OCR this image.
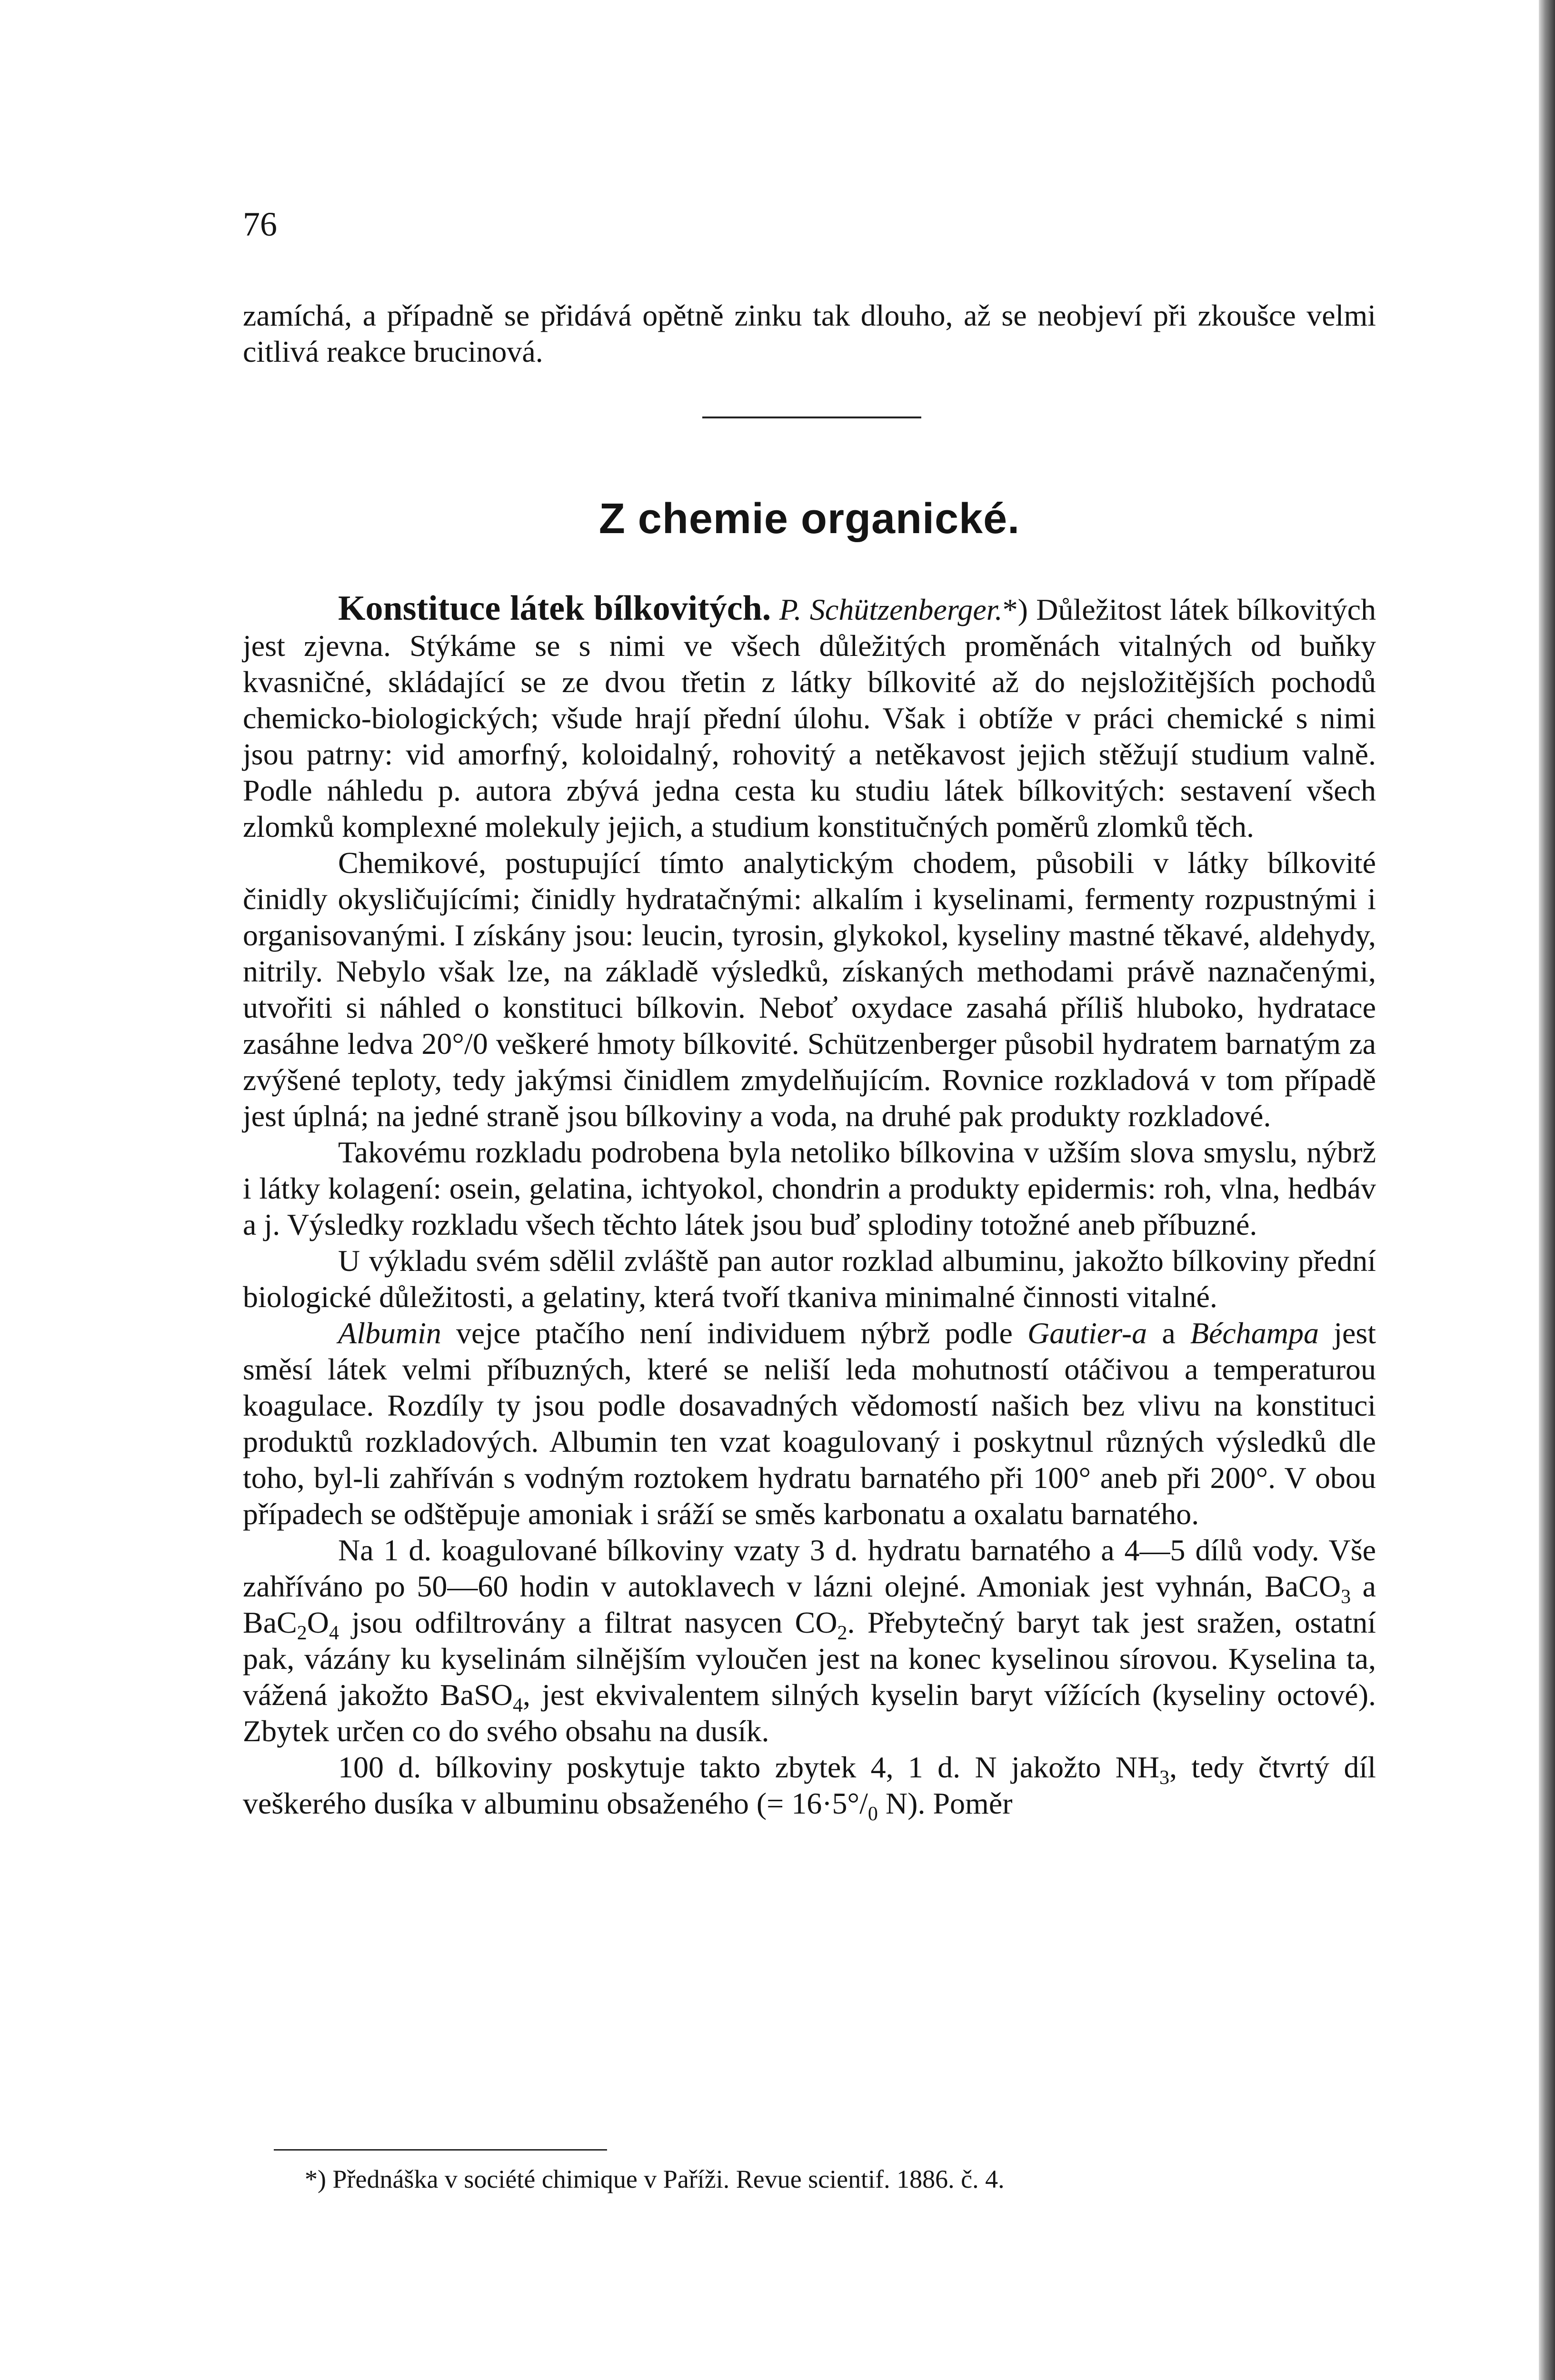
76

zamíchá, a případně se přidává opětně zinku tak dlouho, až se neobjeví při zkoušce velmi citlivá reakce brucinová.

Z chemie organické.

Konstituce látek bílkovitých. P. Schützenberger.*) Důležitost látek bílkovitých jest zjevna. Stýkáme se s nimi ve všech důležitých proměnách vitalných od buňky kvasničné, skládající se ze dvou třetin z látky bílkovité až do nejsložitějších pochodů chemicko-biologických; všude hrají přední úlohu. Však i obtíže v práci chemické s nimi jsou patrny: vid amorfný, koloidalný, rohovitý a netěkavost jejich stěžují studium valně. Podle náhledu p. autora zbývá jedna cesta ku studiu látek bílkovitých: sestavení všech zlomků komplexné molekuly jejich, a studium konstitučných poměrů zlomků těch.

Chemikové, postupující tímto analytickým chodem, působili v látky bílkovité činidly okysličujícími; činidly hydratačnými: alkalím i kyselinami, fermenty rozpustnými i organisovanými. I získány jsou: leucin, tyrosin, glykokol, kyseliny mastné těkavé, aldehydy, nitrily. Nebylo však lze, na základě výsledků, získaných methodami právě naznačenými, utvořiti si náhled o konstituci bílkovin. Neboť oxydace zasahá příliš hluboko, hydratace zasáhne ledva 20°/0 veškeré hmoty bílkovité. Schützenberger působil hydratem barnatým za zvýšené teploty, tedy jakýmsi činidlem zmydelňujícím. Rovnice rozkladová v tom případě jest úplná; na jedné straně jsou bílkoviny a voda, na druhé pak produkty rozkladové.

Takovému rozkladu podrobena byla netoliko bílkovina v užším slova smyslu, nýbrž i látky kolagení: osein, gelatina, ichtyokol, chondrin a produkty epidermis: roh, vlna, hedbáv a j. Výsledky rozkladu všech těchto látek jsou buď splodiny totožné aneb příbuzné.

U výkladu svém sdělil zvláště pan autor rozklad albuminu, jakožto bílkoviny přední biologické důležitosti, a gelatiny, která tvoří tkaniva minimalné činnosti vitalné.

Albumin vejce ptačího není individuem nýbrž podle Gautier-a a Béchampa jest směsí látek velmi příbuzných, které se neliší leda mohutností otáčivou a temperaturou koagulace. Rozdíly ty jsou podle dosavadných vědomostí našich bez vlivu na konstituci produktů rozkladových. Albumin ten vzat koagulovaný i poskytnul různých výsledků dle toho, byl-li zahříván s vodným roztokem hydratu barnatého při 100° aneb při 200°. V obou případech se odštěpuje amoniak i sráží se směs karbonatu a oxalatu barnatého.

Na 1 d. koagulované bílkoviny vzaty 3 d. hydratu barnatého a 4—5 dílů vody. Vše zahříváno po 50—60 hodin v autoklavech v lázni olejné. Amoniak jest vyhnán, BaCO$_3$ a $BaC_2O_4$ jsou odfiltrovány a filtrat nasycen $CO_2$. Přebytečný baryt tak jest sražen, ostatní pak, vázány ku kyselinám silnějším vyloučen jest na konec kyselinou sírovou. Kyselina ta, vážená jakožto BaSO$_4$, jest ekvivalentem silných kyselin baryt vížících (kyseliny octové). Zbytek určen co do svého obsahu na dusík.

100 d. bílkoviny poskytuje takto zbytek 4, 1 d. N jakožto $NH_3$, tedy čtvrtý díl veškerého dusíka v albuminu obsaženého (= $16\cdot 5^\circ/_0$ N). Poměr

*) Přednáška v société chimique v Paříži. Revue scientif. 1886. č. 4.
